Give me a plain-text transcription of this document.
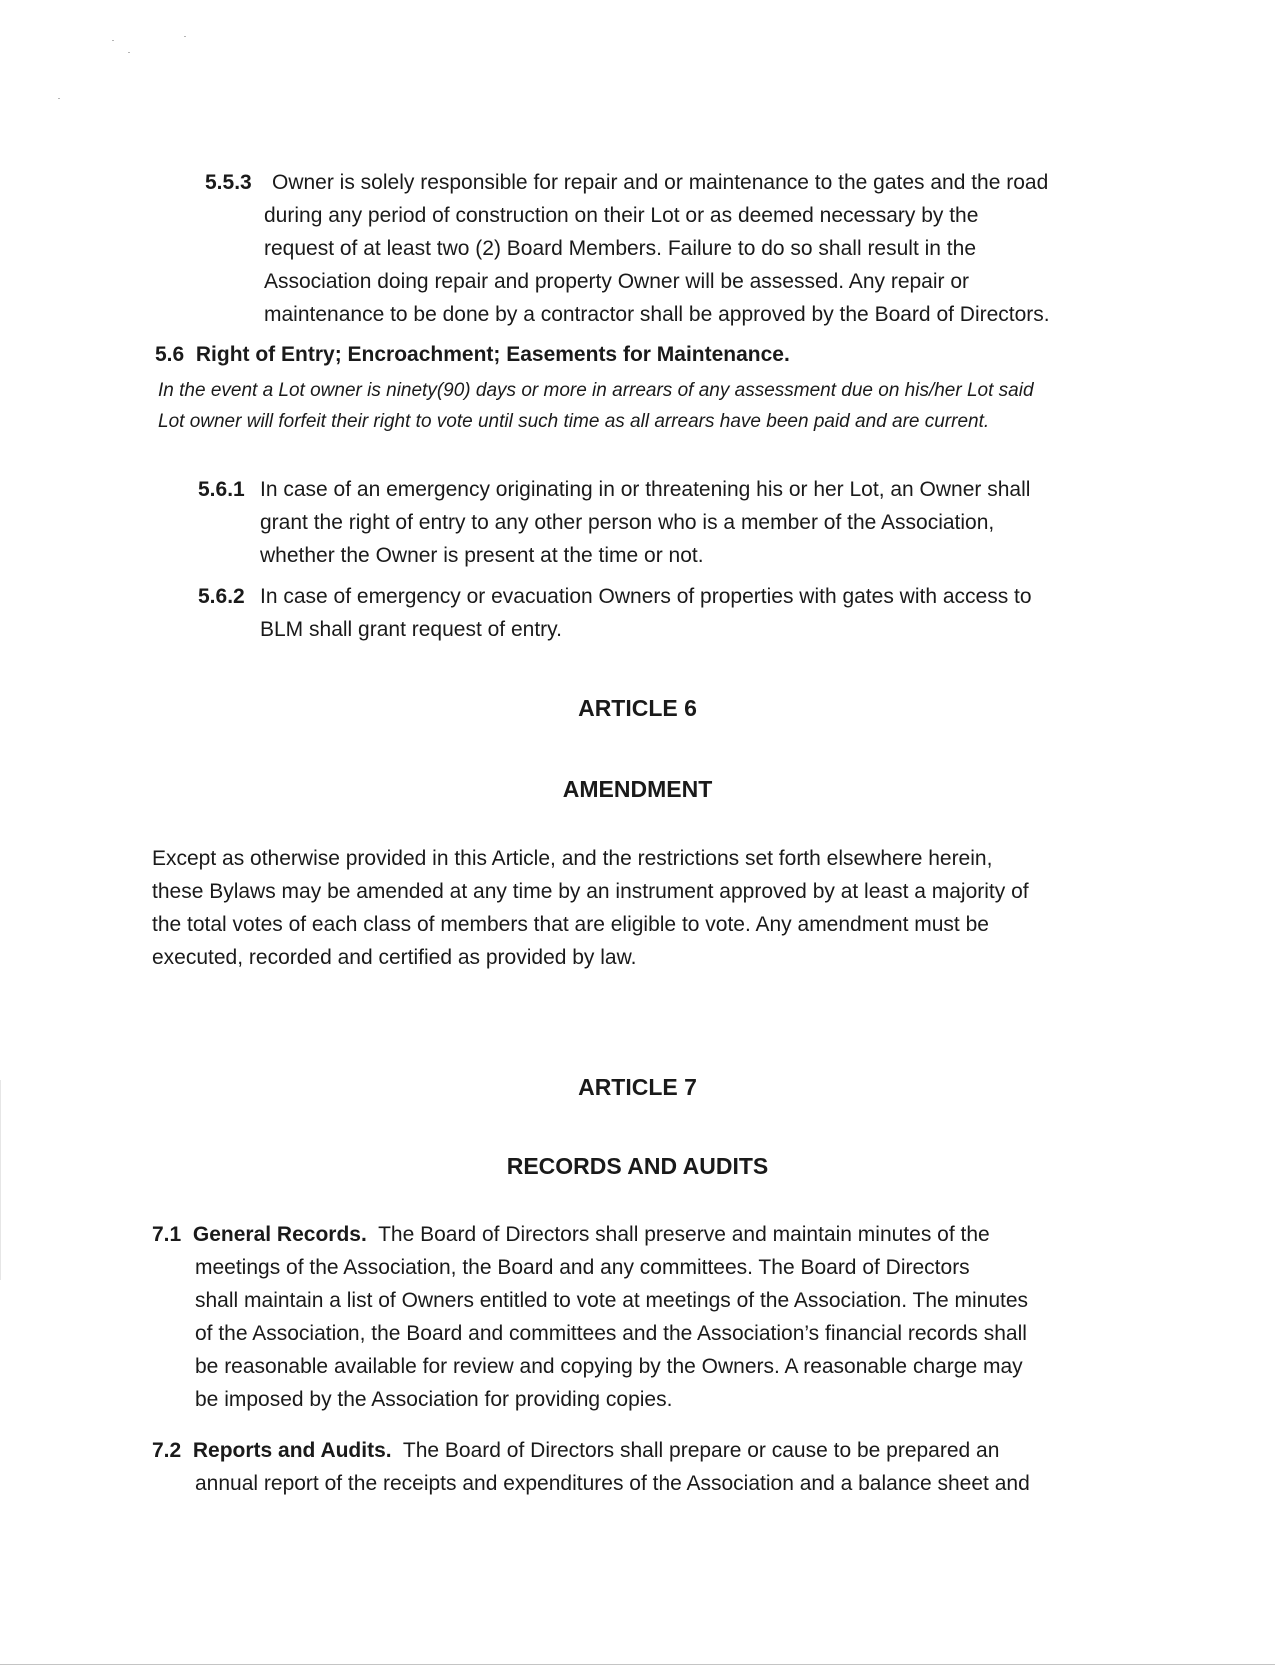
5.5.3 Owner is solely responsible for repair and or maintenance to the gates and the road

during any period of construction on their Lot or as deemed necessary by the

request of at least two (2) Board Members. Failure to do so shall result in the

Association doing repair and property Owner will be assessed. Any repair or

maintenance to be done by a contractor shall be approved by the Board of Directors.

5.6 Right of Entry; Encroachment; Easements for Maintenance.

In the event a Lot owner is ninety(90) days or more in arrears of any assessment due on his/her Lot said

Lot owner will forfeit their right to vote until such time as all arrears have been paid and are current.

5.6.1 In case of an emergency originating in or threatening his or her Lot, an Owner shall

grant the right of entry to any other person who is a member of the Association,

whether the Owner is present at the time or not.

5.6.2 In case of emergency or evacuation Owners of properties with gates with access to

BLM shall grant request of entry.

ARTICLE 6
AMENDMENT

Except as otherwise provided in this Article, and the restrictions set forth elsewhere herein,

these Bylaws may be amended at any time by an instrument approved by at least a majority of

the total votes of each class of members that are eligible to vote. Any amendment must be

executed, recorded and certified as provided by law.

ARTICLE 7
RECORDS AND AUDITS
7.1 General Records. The Board of Directors shall preserve and maintain minutes of the

meetings of the Association, the Board and any committees. The Board of Directors

shall maintain a list of Owners entitled to vote at meetings of the Association. The minutes

of the Association, the Board and committees and the Association’s financial records shall

be reasonable available for review and copying by the Owners. A reasonable charge may

be imposed by the Association for providing copies.

7.2 Reports and Audits. The Board of Directors shall prepare or cause to be prepared an

annual report of the receipts and expenditures of the Association and a balance sheet and
